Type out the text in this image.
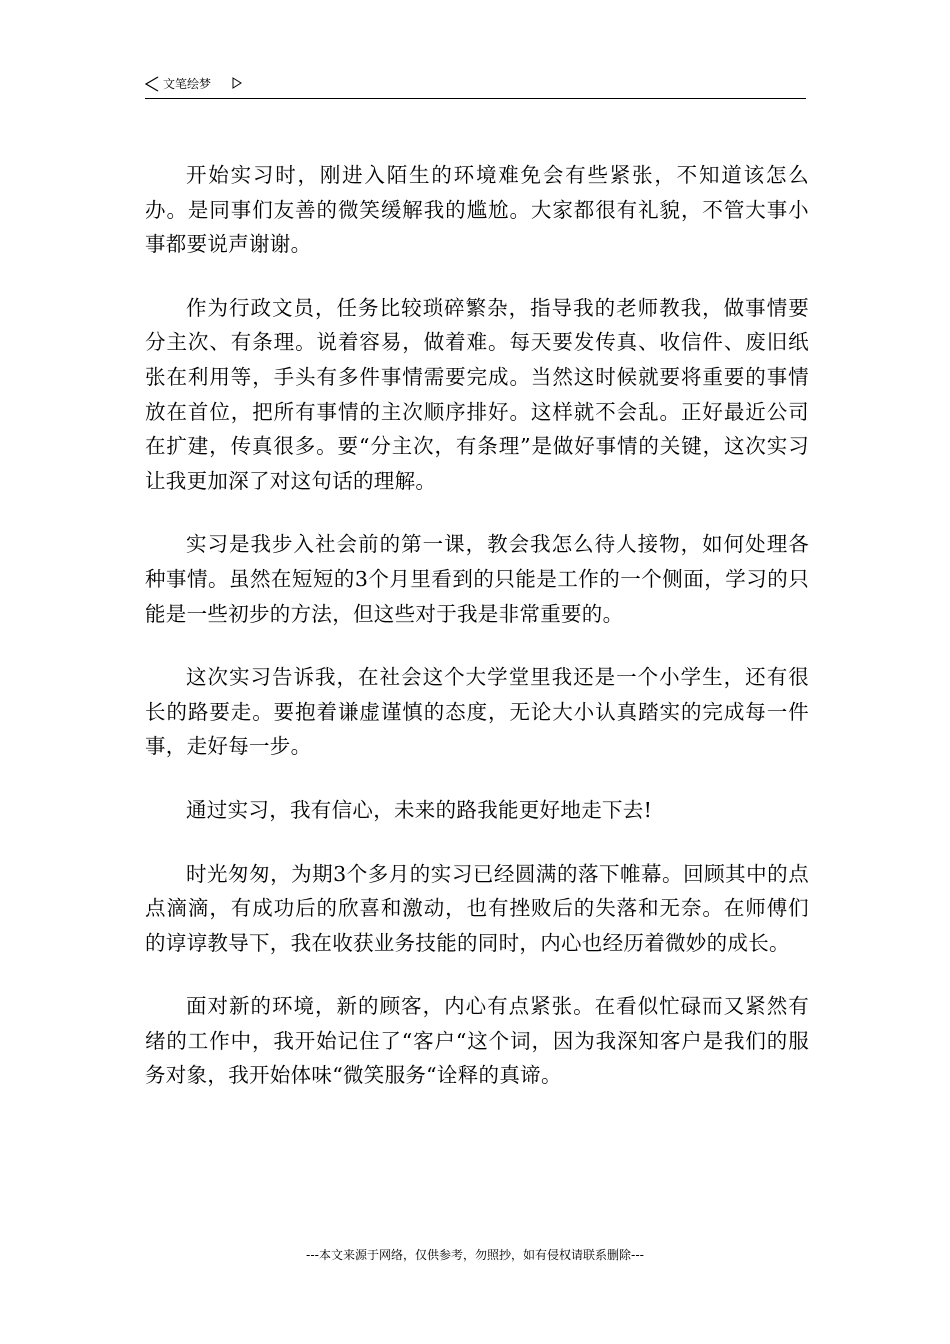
文笔绘梦

开始实习时，刚进入陌生的环境难免会有些紧张，不知道该怎么办。是同事们友善的微笑缓解我的尴尬。大家都很有礼貌，不管大事小事都要说声谢谢。

作为行政文员，任务比较琐碎繁杂，指导我的老师教我，做事情要分主次、有条理。说着容易，做着难。每天要发传真、收信件、废旧纸张在利用等，手头有多件事情需要完成。当然这时候就要将重要的事情放在首位，把所有事情的主次顺序排好。这样就不会乱。正好最近公司在扩建，传真很多。要“分主次，有条理”是做好事情的关键，这次实习让我更加深了对这句话的理解。

实习是我步入社会前的第一课，教会我怎么待人接物，如何处理各种事情。虽然在短短的3个月里看到的只能是工作的一个侧面，学习的只能是一些初步的方法，但这些对于我是非常重要的。

这次实习告诉我，在社会这个大学堂里我还是一个小学生，还有很长的路要走。要抱着谦虚谨慎的态度，无论大小认真踏实的完成每一件事，走好每一步。

通过实习，我有信心，未来的路我能更好地走下去!

时光匆匆，为期3个多月的实习已经圆满的落下帷幕。回顾其中的点点滴滴，有成功后的欣喜和激动，也有挫败后的失落和无奈。在师傅们的谆谆教导下，我在收获业务技能的同时，内心也经历着微妙的成长。

面对新的环境，新的顾客，内心有点紧张。在看似忙碌而又紧然有绪的工作中，我开始记住了“客户“这个词，因为我深知客户是我们的服务对象，我开始体味“微笑服务“诠释的真谛。

---本文来源于网络，仅供参考，勿照抄，如有侵权请联系删除---
